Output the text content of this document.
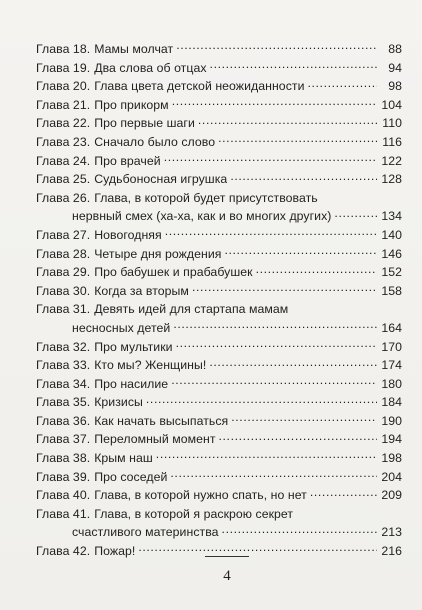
Глава 18. Мамы молчат .....	88
Глава 19. Два слова об отцах .....	94
Глава 20. Глава цвета детской неожиданности .....	98
Глава 21. Про прикорм .....	104
Глава 22. Про первые шаги .....	110
Глава 23. Сначало было слово .....	116
Глава 24. Про врачей .....	122
Глава 25. Судьбоносная игрушка .....	128
Глава 26. Глава, в которой будет присутствовать
нервный смех (ха-ха, как и во многих других) .....	134
Глава 27. Новогодняя .....	140
Глава 28. Четыре дня рождения .....	146
Глава 29. Про бабушек и прабабушек .....	152
Глава 30. Когда за вторым .....	158
Глава 31. Девять идей для стартапа мамам
несносных детей .....	164
Глава 32. Про мультики .....	170
Глава 33. Кто мы? Женщины! .....	174
Глава 34. Про насилие .....	180
Глава 35. Кризисы .....	184
Глава 36. Как начать высыпаться .....	190
Глава 37. Переломный момент .....	194
Глава 38. Крым наш .....	198
Глава 39. Про соседей .....	204
Глава 40. Глава, в которой нужно спать, но нет .....	209
Глава 41. Глава, в которой я раскрою секрет
счастливого материнства .....	213
Глава 42. Пожар! .....	216
4
